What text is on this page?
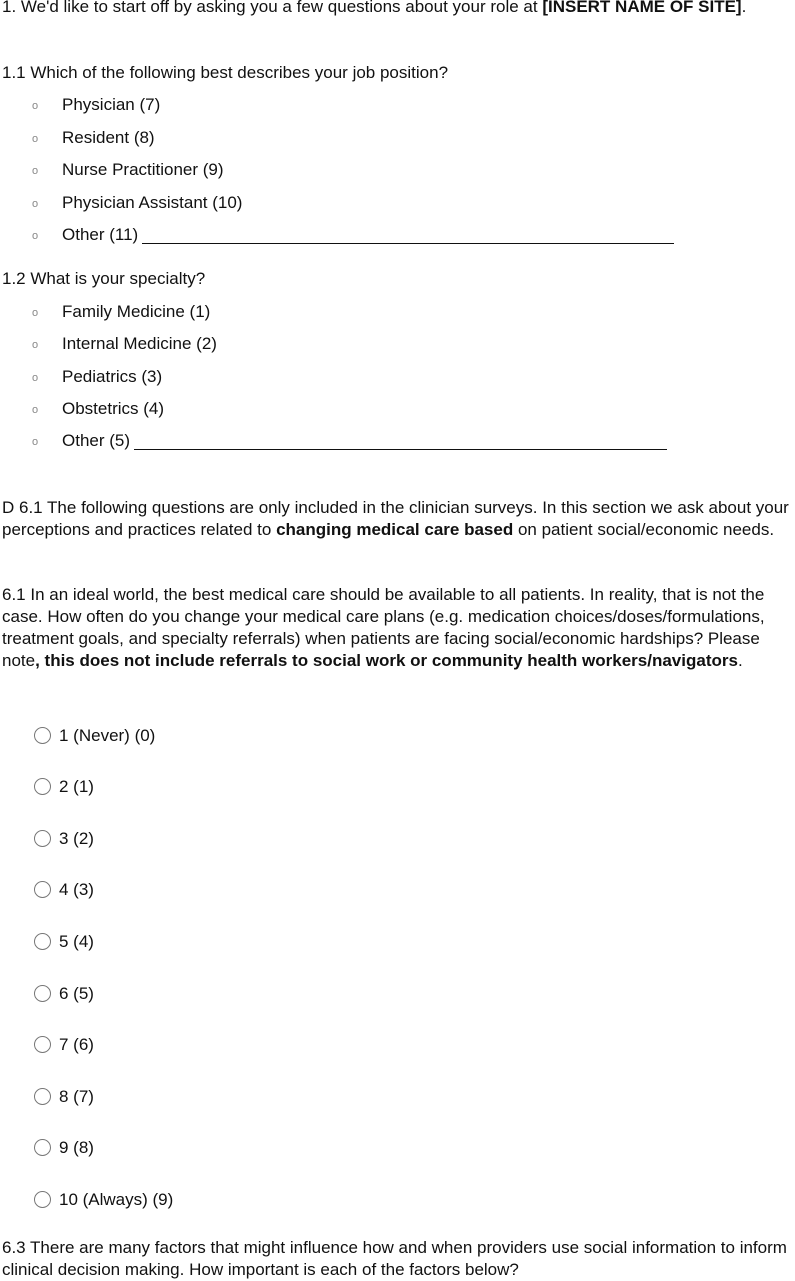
1. We'd like to start off by asking you a few questions about your role at [INSERT NAME OF SITE].
1.1 Which of the following best describes your job position?
o Physician (7)
o Resident (8)
o Nurse Practitioner (9)
o Physician Assistant (10)
o Other (11)
1.2 What is your specialty?
o Family Medicine (1)
o Internal Medicine (2)
o Pediatrics (3)
o Obstetrics (4)
o Other (5)
D 6.1 The following questions are only included in the clinician surveys. In this section we ask about your perceptions and practices related to changing medical care based on patient social/economic needs.
6.1 In an ideal world, the best medical care should be available to all patients. In reality, that is not the case. How often do you change your medical care plans (e.g. medication choices/doses/formulations, treatment goals, and specialty referrals) when patients are facing social/economic hardships? Please note, this does not include referrals to social work or community health workers/navigators.
1 (Never) (0)
2 (1)
3 (2)
4 (3)
5 (4)
6 (5)
7 (6)
8 (7)
9 (8)
10 (Always) (9)
6.3 There are many factors that might influence how and when providers use social information to inform clinical decision making. How important is each of the factors below?
